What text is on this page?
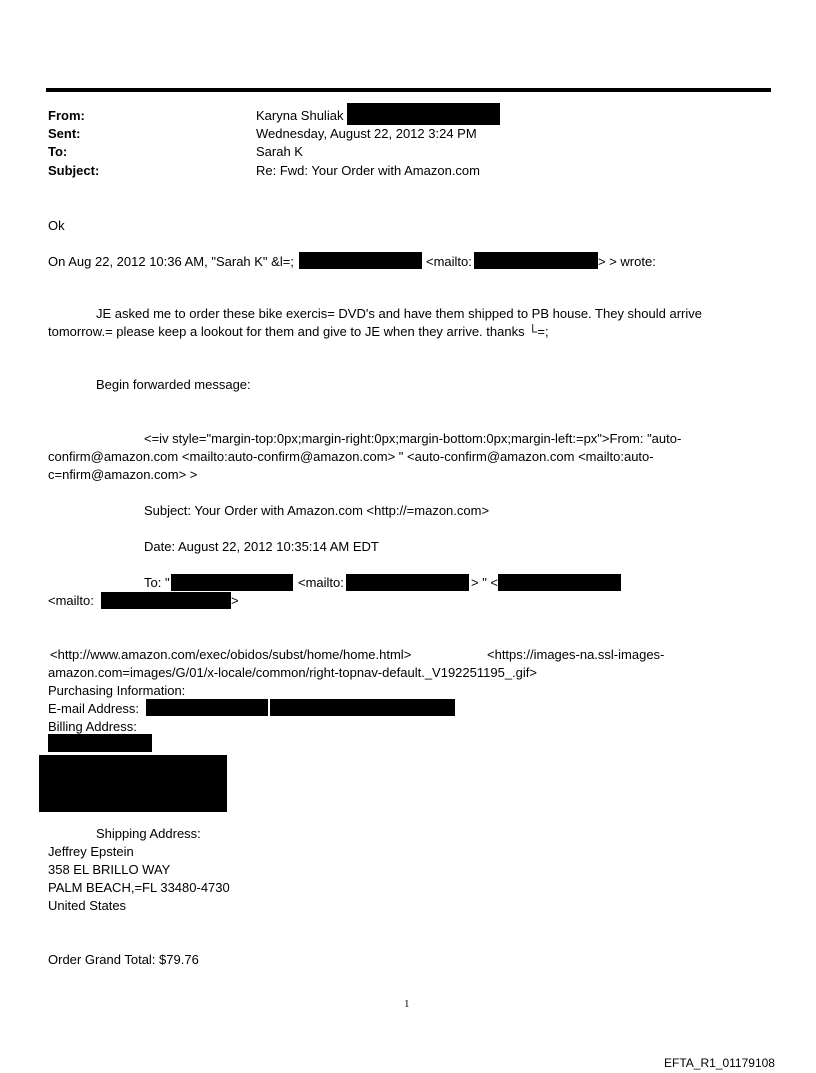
From:	Karyna Shuliak
Sent:	Wednesday, August 22, 2012 3:24 PM
To:	Sarah K
Subject:	Re: Fwd: Your Order with Amazon.com
Ok
On Aug 22, 2012 10:36 AM, "Sarah K" &l=;	<mailto:	> > wrote:
JE asked me to order these bike exercis= DVD's and have them shipped to PB house. They should arrive
tomorrow.= please keep a lookout for them and give to JE when they arrive. thanks └=;
Begin forwarded message:
<=iv style="margin-top:0px;margin-right:0px;margin-bottom:0px;margin-left:=px">From: "auto-
confirm@amazon.com <mailto:auto-confirm@amazon.com> " <auto-confirm@amazon.com <mailto:auto-
c=nfirm@amazon.com> >
Subject: Your Order with Amazon.com <http://=mazon.com>
Date: August 22, 2012 10:35:14 AM EDT
To: "	<mailto:	> " <
<mailto:	>
<http://www.amazon.com/exec/obidos/subst/home/home.html>	<https://images-na.ssl-images-
amazon.com=images/G/01/x-locale/common/right-topnav-default._V192251195_.gif>
Purchasing Information:
E-mail Address:
Billing Address:
Shipping Address:
Jeffrey Epstein
358 EL BRILLO WAY
PALM BEACH,=FL 33480-4730
United States
Order Grand Total: $79.76
1
EFTA_R1_01179108
